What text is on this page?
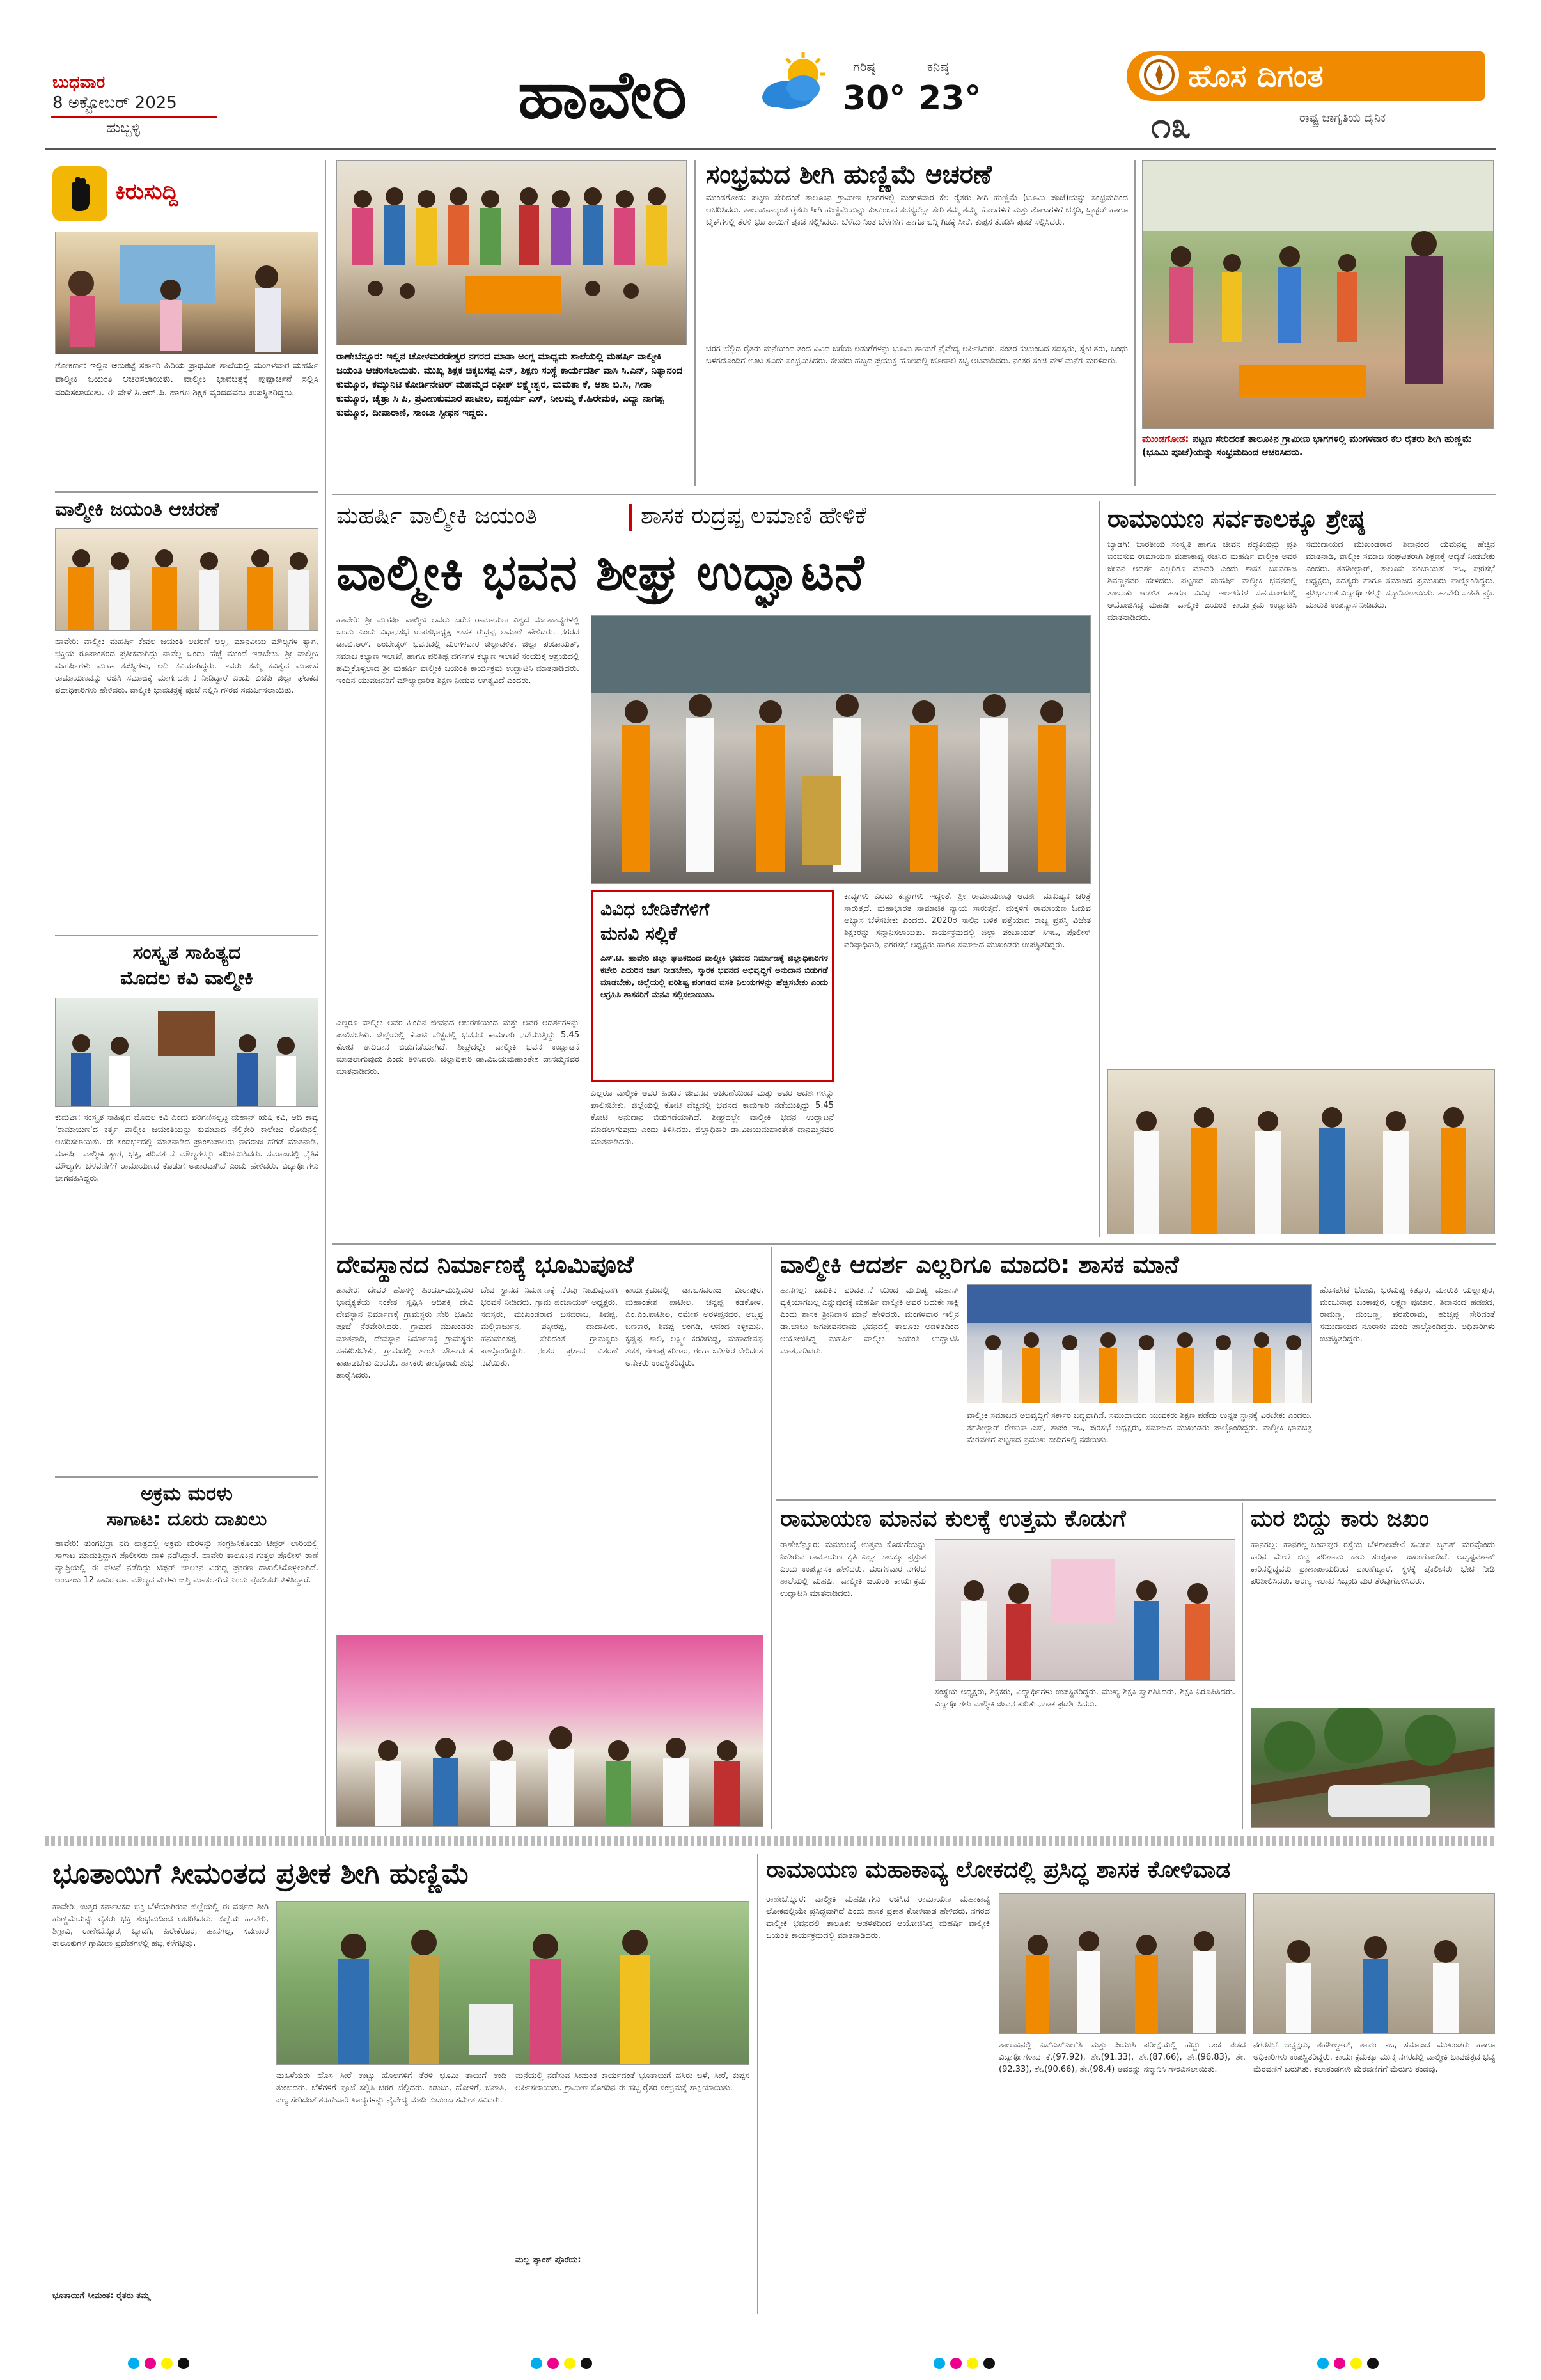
ಬುಧವಾರ
8 ಅಕ್ಟೋಬರ್ 2025
ಹುಬ್ಬಳ್ಳಿ	ಹಾವೇರಿ	ಗರಿಷ್ಠ
30°
ಕನಿಷ್ಠ
23°
ಹೊಸ ದಿಗಂತ
೧೩	ರಾಷ್ಟ್ರ ಜಾಗೃತಿಯ ದೈನಿಕ
ಕಿರುಸುದ್ದಿ
ಗೋಕರ್ಣ: ಇಲ್ಲಿನ ಆರುಕಟ್ಟೆ ಸರ್ಕಾರಿ ಹಿರಿಯ ಪ್ರಾಥಮಿಕ ಶಾಲೆಯಲ್ಲಿ ಮಂಗಳವಾರ ಮಹರ್ಷಿ ವಾಲ್ಮೀಕಿ ಜಯಂತಿ ಆಚರಿಸಲಾಯಿತು. ವಾಲ್ಮೀಕಿ ಭಾವಚಿತ್ರಕ್ಕೆ ಪುಷ್ಪಾರ್ಚನೆ ಸಲ್ಲಿಸಿ ವಂದಿಸಲಾಯಿತು. ಈ ವೇಳೆ ಸಿ.ಆರ್.ಪಿ. ಹಾಗೂ ಶಿಕ್ಷಕ ವೃಂದದವರು ಉಪಸ್ಥಿತರಿದ್ದರು.
ವಾಲ್ಮೀಕಿ ಜಯಂತಿ ಆಚರಣೆ
ಹಾವೇರಿ: ವಾಲ್ಮೀಕಿ ಮಹರ್ಷಿ ಕೇವಲ ಜಯಂತಿ ಆಚರಣೆ ಅಲ್ಲ, ಮಾನವೀಯ ಮೌಲ್ಯಗಳ ತ್ಯಾಗ, ಭಕ್ತಿಯ ರೂಪಾಂತರದ ಪ್ರತೀಕವಾಗಿದ್ದು ನಾವೆಲ್ಲ ಒಂದು ಹೆಜ್ಜೆ ಮುಂದೆ ಇಡಬೇಕು. ಶ್ರೀ ವಾಲ್ಮೀಕಿ ಮಹರ್ಷಿಗಳು ಮಹಾ ತಪಸ್ವಿಗಳು, ಅದಿ ಕವಿಯಾಗಿದ್ದರು. ಇವರು ತಮ್ಮ ಕವಿತ್ವದ ಮೂಲಕ ರಾಮಾಯಣವನ್ನು ರಚಿಸಿ ಸಮಾಜಕ್ಕೆ ಮಾರ್ಗದರ್ಶನ ನೀಡಿದ್ದಾರೆ ಎಂದು ಬಿಜೆಪಿ ಜಿಲ್ಲಾ ಘಟಕದ ಪದಾಧಿಕಾರಿಗಳು ಹೇಳಿದರು. ವಾಲ್ಮೀಕಿ ಭಾವಚಿತ್ರಕ್ಕೆ ಪೂಜೆ ಸಲ್ಲಿಸಿ ಗೌರವ ಸಮರ್ಪಿಸಲಾಯಿತು.
ಸಂಸ್ಕೃತ ಸಾಹಿತ್ಯದ
ಮೊದಲ ಕವಿ ವಾಲ್ಮೀಕಿ
ಕುಮಟಾ: ಸಂಸ್ಕೃತ ಸಾಹಿತ್ಯದ ಮೊದಲ ಕವಿ ಎಂದು ಪರಿಗಣಿಸಲ್ಪಟ್ಟ ಮಹಾನ್ ಋಷಿ ಕವಿ, ಆದಿ ಕಾವ್ಯ 'ರಾಮಾಯಣ'ದ ಕರ್ತೃ ವಾಲ್ಮೀಕಿ ಜಯಂತಿಯನ್ನು ಕುಮಟಾದ ನೆಲ್ಲಿಕೇರಿ ಕಾಲೇಜು ರೋಡಿನಲ್ಲಿ ಆಚರಿಸಲಾಯಿತು. ಈ ಸಂದರ್ಭದಲ್ಲಿ ಮಾತನಾಡಿದ ಪ್ರಾಂಶುಪಾಲರು ನಾಗರಾಜ ಹೆಗಡೆ ಮಾತನಾಡಿ, ಮಹರ್ಷಿ ವಾಲ್ಮೀಕಿ ತ್ಯಾಗ, ಭಕ್ತಿ, ಪರಿವರ್ತನೆ ಮೌಲ್ಯಗಳನ್ನು ಪರಿಚಯಿಸಿದರು. ಸಮಾಜದಲ್ಲಿ ನೈತಿಕ ಮೌಲ್ಯಗಳ ಬೆಳವಣಿಗೆಗೆ ರಾಮಾಯಣದ ಕೊಡುಗೆ ಅಪಾರವಾಗಿದೆ ಎಂದು ಹೇಳಿದರು. ವಿದ್ಯಾರ್ಥಿಗಳು ಭಾಗವಹಿಸಿದ್ದರು.
ಅಕ್ರಮ ಮರಳು
ಸಾಗಾಟ: ದೂರು ದಾಖಲು
ಹಾವೇರಿ: ತುಂಗಭದ್ರಾ ನದಿ ಪಾತ್ರದಲ್ಲಿ ಅಕ್ರಮ ಮರಳನ್ನು ಸಂಗ್ರಹಿಸಿಕೊಂಡು ಟಿಪ್ಪರ್ ಲಾರಿಯಲ್ಲಿ ಸಾಗಾಟ ಮಾಡುತ್ತಿದ್ದಾಗ ಪೊಲೀಸರು ದಾಳಿ ನಡೆಸಿದ್ದಾರೆ. ಹಾವೇರಿ ತಾಲೂಕಿನ ಗುತ್ತಲ ಪೊಲೀಸ್ ಠಾಣೆ ವ್ಯಾಪ್ತಿಯಲ್ಲಿ ಈ ಘಟನೆ ನಡೆದಿದ್ದು ಟಿಪ್ಪರ್ ಚಾಲಕನ ವಿರುದ್ಧ ಪ್ರಕರಣ ದಾಖಲಿಸಿಕೊಳ್ಳಲಾಗಿದೆ. ಅಂದಾಜು 12 ಸಾವಿರ ರೂ. ಮೌಲ್ಯದ ಮರಳು ಜಪ್ತಿ ಮಾಡಲಾಗಿದೆ ಎಂದು ಪೊಲೀಸರು ತಿಳಿಸಿದ್ದಾರೆ.
ರಾಣೇಬೆನ್ನೂರ: ಇಲ್ಲಿನ ಚೋಳಮರಡೇಶ್ವರ ನಗರದ ಮಾತಾ ಅಂಗ್ಲ ಮಾಧ್ಯಮ ಶಾಲೆಯಲ್ಲಿ ಮಹರ್ಷಿ ವಾಲ್ಮೀಕಿ ಜಯಂತಿ ಆಚರಿಸಲಾಯಿತು. ಮುಖ್ಯ ಶಿಕ್ಷಕ ಚಿಕ್ಕಬಸಪ್ಪ ಎನ್, ಶಿಕ್ಷಣ ಸಂಸ್ಥೆ ಕಾರ್ಯದರ್ಶಿ ವಾಸಿ ಸಿ.ಎನ್, ನಿತ್ಯಾನಂದ ಕುಮ್ಮೂರ, ಕಮ್ಯುನಿಟಿ ಕೋರ್ಡಿನೇಟರ್ ಮಹಮ್ಮದ ರಫೀಕ್ ಲಕ್ಷ್ಮೇಶ್ವರ, ಮಮತಾ ಕೆ, ಆಶಾ ಬಿ.ಸಿ, ಗೀತಾ ಕುಮ್ಮೂರ, ಚೈತ್ರಾ ಸಿ ಪಿ, ಪ್ರವೀಣಕುಮಾರ ಪಾಟೀಲ, ಐಶ್ವರ್ಯ ಎಸ್, ನೀಲಮ್ಮ ಕೆ.ಹಿರೇಮಠ, ವಿದ್ಯಾ ನಾಗಪ್ಪ ಕುಮ್ಮೂರ, ದೀಪಾರಾಣಿ, ಸಾಂಬಾ ಸ್ಟೀಫನ ಇದ್ದರು.
ಸಂಭ್ರಮದ ಶೀಗಿ ಹುಣ್ಣಿಮೆ ಆಚರಣೆ
ಮುಂಡಗೋಡ: ಪಟ್ಟಣ ಸೇರಿದಂತೆ ತಾಲೂಕಿನ ಗ್ರಾಮೀಣ ಭಾಗಗಳಲ್ಲಿ ಮಂಗಳವಾರ ಕೆಲ ರೈತರು ಶೀಗಿ ಹುಣ್ಣಿಮೆ (ಭೂಮಿ ಪೂಜೆ)ಯನ್ನು ಸಂಭ್ರಮದಿಂದ ಆಚರಿಸಿದರು. ತಾಲೂಕಿನಾದ್ಯಂತ ರೈತರು ಶೀಗಿ ಹುಣ್ಣಿಮೆಯನ್ನು ಕುಟುಂಬದ ಸದಸ್ಯರೆಲ್ಲಾ ಸೇರಿ ತಮ್ಮ ತಮ್ಮ ಹೊಲಗಳಿಗೆ ಮತ್ತು ತೋಟಗಳಿಗೆ ಚಕ್ಕಡಿ, ಟ್ರ್ಯಾಕ್ಟರ್ ಹಾಗೂ ಬೈಕ್‌ಗಳಲ್ಲಿ ತೆರಳಿ ಭೂ ತಾಯಿಗೆ ಪೂಜೆ ಸಲ್ಲಿಸಿದರು. ಬೆಳೆದು ನಿಂತ ಬೆಳೆಗಳಿಗೆ ಹಾಗೂ ಬನ್ನಿ ಗಿಡಕ್ಕೆ ಸೀರೆ, ಕುಪ್ಪಸ ತೊಡಿಸಿ ಪೂಜೆ ಸಲ್ಲಿಸಿದರು.
ಚರಗ ಚೆಲ್ಲಿದ ರೈತರು ಮನೆಯಿಂದ ತಂದ ವಿವಿಧ ಬಗೆಯ ಅಡುಗೆಗಳನ್ನು ಭೂಮಿ ತಾಯಿಗೆ ನೈವೇದ್ಯ ಅರ್ಪಿಸಿದರು. ನಂತರ ಕುಟುಂಬದ ಸದಸ್ಯರು, ಸ್ನೇಹಿತರು, ಬಂಧು ಬಳಗದೊಂದಿಗೆ ಊಟ ಸವಿದು ಸಂಭ್ರಮಿಸಿದರು. ಕೆಲವರು ಹಬ್ಬದ ಪ್ರಯುಕ್ತ ಹೊಲದಲ್ಲಿ ಜೋಕಾಲಿ ಕಟ್ಟಿ ಆಟವಾಡಿದರು. ನಂತರ ಸಂಜೆ ವೇಳೆ ಮನೆಗೆ ಮರಳಿದರು.
ಮುಂಡಗೋಡ: ಪಟ್ಟಣ ಸೇರಿದಂತೆ ತಾಲೂಕಿನ ಗ್ರಾಮೀಣ ಭಾಗಗಳಲ್ಲಿ ಮಂಗಳವಾರ ಕೆಲ ರೈತರು ಶೀಗಿ ಹುಣ್ಣಿಮೆ (ಭೂಮಿ ಪೂಜೆ)ಯನ್ನು ಸಂಭ್ರಮದಿಂದ ಆಚರಿಸಿದರು.
ಮಹರ್ಷಿ ವಾಲ್ಮೀಕಿ ಜಯಂತಿ	ಶಾಸಕ ರುದ್ರಪ್ಪ ಲಮಾಣಿ ಹೇಳಿಕೆ
ವಾಲ್ಮೀಕಿ ಭವನ ಶೀಘ್ರ ಉದ್ಘಾಟನೆ
ಹಾವೇರಿ: ಶ್ರೀ ಮಹರ್ಷಿ ವಾಲ್ಮೀಕಿ ಅವರು ಬರೆದ ರಾಮಾಯಣ ವಿಶ್ವದ ಮಹಾಕಾವ್ಯಗಳಲ್ಲಿ ಒಂದು ಎಂದು ವಿಧಾನಸಭೆ ಉಪಸಭಾಧ್ಯಕ್ಷ ಶಾಸಕ ರುದ್ರಪ್ಪ ಲಮಾಣಿ ಹೇಳಿದರು. ನಗರದ ಡಾ.ಬಿ.ಆರ್. ಅಂಬೇಡ್ಕರ್ ಭವನದಲ್ಲಿ ಮಂಗಳವಾರ ಜಿಲ್ಲಾಡಳಿತ, ಜಿಲ್ಲಾ ಪಂಚಾಯತ್, ಸಮಾಜ ಕಲ್ಯಾಣ ಇಲಾಖೆ, ಹಾಗೂ ಪರಿಶಿಷ್ಟ ವರ್ಗಗಳ ಕಲ್ಯಾಣ ಇಲಾಖೆ ಸಂಯುಕ್ತ ಆಶ್ರಯದಲ್ಲಿ ಹಮ್ಮಿಕೊಳ್ಳಲಾದ ಶ್ರೀ ಮಹರ್ಷಿ ವಾಲ್ಮೀಕಿ ಜಯಂತಿ ಕಾರ್ಯಕ್ರಮ ಉದ್ಘಾಟಿಸಿ ಮಾತನಾಡಿದರು. ಇಂದಿನ ಯುವಜನರಿಗೆ ಮೌಲ್ಯಾಧಾರಿತ ಶಿಕ್ಷಣ ನೀಡುವ ಅಗತ್ಯವಿದೆ ಎಂದರು.
ವಿವಿಧ ಬೇಡಿಕೆಗಳಿಗೆ
ಮನವಿ ಸಲ್ಲಿಕೆ
ಎಸ್.ಟಿ. ಹಾವೇರಿ ಜಿಲ್ಲಾ ಘಟಕದಿಂದ ವಾಲ್ಮೀಕಿ ಭವನದ ನಿರ್ಮಾಣಕ್ಕೆ ಜಿಲ್ಲಾಧಿಕಾರಿಗಳ ಕಚೇರಿ ಎದುರಿನ ಜಾಗ ನೀಡಬೇಕು, ಸ್ಮಾರಕ ಭವನದ ಅಭಿವೃದ್ಧಿಗೆ ಅನುದಾನ ಬಿಡುಗಡೆ ಮಾಡಬೇಕು, ಜಿಲ್ಲೆಯಲ್ಲಿ ಪರಿಶಿಷ್ಟ ಪಂಗಡದ ವಸತಿ ನಿಲಯಗಳನ್ನು ಹೆಚ್ಚಿಸಬೇಕು ಎಂದು ಆಗ್ರಹಿಸಿ ಶಾಸಕರಿಗೆ ಮನವಿ ಸಲ್ಲಿಸಲಾಯಿತು.
ಎಲ್ಲರೂ ವಾಲ್ಮೀಕಿ ಅವರ ಹಿಂದಿನ ಜೀವನದ ಆಚರಣೆಯಿಂದ ಮತ್ತು ಅವರ ಆದರ್ಶಗಳನ್ನು ಪಾಲಿಸಬೇಕು. ಜಿಲ್ಲೆಯಲ್ಲಿ ಕೋಟಿ ವೆಚ್ಚದಲ್ಲಿ ಭವನದ ಕಾಮಗಾರಿ ನಡೆಯುತ್ತಿದ್ದು 5.45 ಕೋಟಿ ಅನುದಾನ ಬಿಡುಗಡೆಯಾಗಿದೆ. ಶೀಘ್ರದಲ್ಲೇ ವಾಲ್ಮೀಕಿ ಭವನ ಉದ್ಘಾಟನೆ ಮಾಡಲಾಗುವುದು ಎಂದು ತಿಳಿಸಿದರು. ಜಿಲ್ಲಾಧಿಕಾರಿ ಡಾ.ವಿಜಯಮಹಾಂತೇಶ ದಾನಮ್ಮನವರ ಮಾತನಾಡಿದರು.
ಕಾವ್ಯಗಳು ಎರಡು ಕಣ್ಣುಗಳು ಇದ್ದಂತೆ. ಶ್ರೀ ರಾಮಾಯಣವು ಆದರ್ಶ ಮನುಷ್ಯನ ಚರಿತ್ರೆ ಸಾರುತ್ತದೆ. ಮಹಾಭಾರತ ಸಾಮಾಜಿಕ ನ್ಯಾಯ ಸಾರುತ್ತದೆ. ಮಕ್ಕಳಿಗೆ ರಾಮಾಯಣ ಓದುವ ಅಭ್ಯಾಸ ಬೆಳೆಸಬೇಕು ಎಂದರು. 2020ರ ಸಾಲಿನ ಬಳಿಕ ಪತ್ತೆಯಾದ ರಾಜ್ಯ ಪ್ರಶಸ್ತಿ ವಿಜೇತ ಶಿಕ್ಷಕರನ್ನು ಸನ್ಮಾನಿಸಲಾಯಿತು. ಕಾರ್ಯಕ್ರಮದಲ್ಲಿ ಜಿಲ್ಲಾ ಪಂಚಾಯತ್ ಸಿಇಒ, ಪೊಲೀಸ್ ವರಿಷ್ಠಾಧಿಕಾರಿ, ನಗರಸಭೆ ಅಧ್ಯಕ್ಷರು ಹಾಗೂ ಸಮಾಜದ ಮುಖಂಡರು ಉಪಸ್ಥಿತರಿದ್ದರು.
ಎಲ್ಲರೂ ವಾಲ್ಮೀಕಿ ಅವರ ಹಿಂದಿನ ಜೀವನದ ಆಚರಣೆಯಿಂದ ಮತ್ತು ಅವರ ಆದರ್ಶಗಳನ್ನು ಪಾಲಿಸಬೇಕು. ಜಿಲ್ಲೆಯಲ್ಲಿ ಕೋಟಿ ವೆಚ್ಚದಲ್ಲಿ ಭವನದ ಕಾಮಗಾರಿ ನಡೆಯುತ್ತಿದ್ದು 5.45 ಕೋಟಿ ಅನುದಾನ ಬಿಡುಗಡೆಯಾಗಿದೆ. ಶೀಘ್ರದಲ್ಲೇ ವಾಲ್ಮೀಕಿ ಭವನ ಉದ್ಘಾಟನೆ ಮಾಡಲಾಗುವುದು ಎಂದು ತಿಳಿಸಿದರು. ಜಿಲ್ಲಾಧಿಕಾರಿ ಡಾ.ವಿಜಯಮಹಾಂತೇಶ ದಾನಮ್ಮನವರ ಮಾತನಾಡಿದರು.
ರಾಮಾಯಣ ಸರ್ವಕಾಲಕ್ಕೂ ಶ್ರೇಷ್ಠ
ಬ್ಯಾಡಗಿ: ಭಾರತೀಯ ಸಂಸ್ಕೃತಿ ಹಾಗೂ ಜೀವನ ಪದ್ಧತಿಯನ್ನು ಪ್ರತಿ ಬಿಂಬಿಸುವ ರಾಮಾಯಣ ಮಹಾಕಾವ್ಯ ರಚಿಸಿದ ಮಹರ್ಷಿ ವಾಲ್ಮೀಕಿ ಅವರ ಜೀವನ ಆದರ್ಶ ಎಲ್ಲರಿಗೂ ಮಾದರಿ ಎಂದು ಶಾಸಕ ಬಸವರಾಜ ಶಿವಣ್ಣನವರ ಹೇಳಿದರು. ಪಟ್ಟಣದ ಮಹರ್ಷಿ ವಾಲ್ಮೀಕಿ ಭವನದಲ್ಲಿ ತಾಲೂಕು ಆಡಳಿತ ಹಾಗೂ ವಿವಿಧ ಇಲಾಖೆಗಳ ಸಹಯೋಗದಲ್ಲಿ ಆಯೋಜಿಸಿದ್ದ ಮಹರ್ಷಿ ವಾಲ್ಮೀಕಿ ಜಯಂತಿ ಕಾರ್ಯಕ್ರಮ ಉದ್ಘಾಟಿಸಿ ಮಾತನಾಡಿದರು.
ಸಮುದಾಯದ ಮುಖಂಡರಾದ ಶಿವಾನಂದ ಯಮನಪ್ಪ ಹೆಚ್ಚಿನ ಮಾತನಾಡಿ, ವಾಲ್ಮೀಕಿ ಸಮಾಜ ಸಂಘಟಿತರಾಗಿ ಶಿಕ್ಷಣಕ್ಕೆ ಆದ್ಯತೆ ನೀಡಬೇಕು ಎಂದರು. ತಹಶೀಲ್ದಾರ್, ತಾಲೂಕು ಪಂಚಾಯತ್ ಇಒ, ಪುರಸಭೆ ಅಧ್ಯಕ್ಷರು, ಸದಸ್ಯರು ಹಾಗೂ ಸಮಾಜದ ಪ್ರಮುಖರು ಪಾಲ್ಗೊಂಡಿದ್ದರು. ಪ್ರತಿಭಾವಂತ ವಿದ್ಯಾರ್ಥಿಗಳನ್ನು ಸನ್ಮಾನಿಸಲಾಯಿತು. ಹಾವೇರಿ ಸಾಹಿತಿ ಪ್ರೊ. ಮಾರುತಿ ಉಪನ್ಯಾಸ ನೀಡಿದರು.
ದೇವಸ್ಥಾನದ ನಿರ್ಮಾಣಕ್ಕೆ ಭೂಮಿಪೂಜೆ
ಹಾವೇರಿ: ದೇವರ ಹೊಸಳ್ಳಿ ಹಿಂದೂ-ಮುಸ್ಲಿಮರ ಭಾವೈಕ್ಯತೆಯ ಸಂಕೇತ ಸೃಷ್ಟಿಸಿ ಆದಿಶಕ್ತಿ ದೇವಿ ದೇವಸ್ಥಾನ ನಿರ್ಮಾಣಕ್ಕೆ ಗ್ರಾಮಸ್ಥರು ಸೇರಿ ಭೂಮಿ ಪೂಜೆ ನೆರವೇರಿಸಿದರು. ಗ್ರಾಮದ ಮುಖಂಡರು ಮಾತನಾಡಿ, ದೇವಸ್ಥಾನ ನಿರ್ಮಾಣಕ್ಕೆ ಗ್ರಾಮಸ್ಥರು ಸಹಕರಿಸಬೇಕು, ಗ್ರಾಮದಲ್ಲಿ ಶಾಂತಿ ಸೌಹಾರ್ದತೆ ಕಾಪಾಡಬೇಕು ಎಂದರು. ಶಾಸಕರು ಪಾಲ್ಗೊಂಡು ಶುಭ ಹಾರೈಸಿದರು.
ದೇವ ಸ್ಥಾನದ ನಿರ್ಮಾಣಕ್ಕೆ ನೆರವು ನೀಡುವುದಾಗಿ ಭರವಸೆ ನೀಡಿದರು. ಗ್ರಾಮ ಪಂಚಾಯತ್ ಅಧ್ಯಕ್ಷರು, ಸದಸ್ಯರು, ಮುಖಂಡರಾದ ಬಸವರಾಜ, ಶಿವಪ್ಪ, ಮಲ್ಲಿಕಾರ್ಜುನ, ಫಕ್ಕೀರಪ್ಪ, ದಾದಾಪೀರ, ಹನುಮಂತಪ್ಪ ಸೇರಿದಂತೆ ಗ್ರಾಮಸ್ಥರು ಪಾಲ್ಗೊಂಡಿದ್ದರು. ನಂತರ ಪ್ರಸಾದ ವಿತರಣೆ ನಡೆಯಿತು.
ಕಾರ್ಯಕ್ರಮದಲ್ಲಿ ಡಾ.ಬಸವರಾಜ ವೀರಾಪುರ, ಮಹಾಂತೇಶ ಪಾಟೀಲ, ಚನ್ನಪ್ಪ ಕಡಕೋಳ, ಎಂ.ಎಂ.ಪಾಟೀಲ, ರಮೇಶ ಅರಳಪ್ಪನವರ, ಅಜ್ಜಪ್ಪ ಬಣಕಾರ, ಶಿವಪ್ಪ ಅಂಗಡಿ, ಆನಂದ ಕಳ್ಳೀಮನಿ, ಕೃಷ್ಣಪ್ಪ ಸಾಲಿ, ಲಕ್ಷ್ಮೀ ಕರಡಿಗುಡ್ಡ, ಮಹಾದೇವಪ್ಪ ತಡಸ, ಶೇಖಪ್ಪ ಕರಿಗಾರ, ಗಂಗಾ ಬಡಿಗೇರ ಸೇರಿದಂತೆ ಅನೇಕರು ಉಪಸ್ಥಿತರಿದ್ದರು.
ವಾಲ್ಮೀಕಿ ಆದರ್ಶ ಎಲ್ಲರಿಗೂ ಮಾದರಿ: ಶಾಸಕ ಮಾನೆ
ಹಾನಗಲ್ಲ: ಬದುಕಿನ ಪರಿವರ್ತನೆ ಯಿಂದ ಮನುಷ್ಯ ಮಹಾನ್ ವ್ಯಕ್ತಿಯಾಗಬಲ್ಲ ಎನ್ನುವುದಕ್ಕೆ ಮಹರ್ಷಿ ವಾಲ್ಮೀಕಿ ಅವರ ಬದುಕೇ ಸಾಕ್ಷಿ ಎಂದು ಶಾಸಕ ಶ್ರೀನಿವಾಸ ಮಾನೆ ಹೇಳಿದರು. ಮಂಗಳವಾರ ಇಲ್ಲಿನ ಡಾ.ಬಾಬು ಜಗಜೀವನರಾಮ ಭವನದಲ್ಲಿ ತಾಲೂಕು ಆಡಳಿತದಿಂದ ಆಯೋಜಿಸಿದ್ದ ಮಹರ್ಷಿ ವಾಲ್ಮೀಕಿ ಜಯಂತಿ ಉದ್ಘಾಟಿಸಿ ಮಾತನಾಡಿದರು.
ವಾಲ್ಮೀಕಿ ಸಮಾಜದ ಅಭಿವೃದ್ಧಿಗೆ ಸರ್ಕಾರ ಬದ್ಧವಾಗಿದೆ. ಸಮುದಾಯದ ಯುವಕರು ಶಿಕ್ಷಣ ಪಡೆದು ಉನ್ನತ ಸ್ಥಾನಕ್ಕೆ ಏರಬೇಕು ಎಂದರು. ತಹಶೀಲ್ದಾರ್ ರೇಣುಕಾ ಎಸ್, ತಾಪಂ ಇಒ, ಪುರಸಭೆ ಅಧ್ಯಕ್ಷರು, ಸಮಾಜದ ಮುಖಂಡರು ಪಾಲ್ಗೊಂಡಿದ್ದರು. ವಾಲ್ಮೀಕಿ ಭಾವಚಿತ್ರ ಮೆರವಣಿಗೆ ಪಟ್ಟಣದ ಪ್ರಮುಖ ಬೀದಿಗಳಲ್ಲಿ ನಡೆಯಿತು.
ಹೊಸಪೇಟೆ ಭೋವಿ, ಭರಮಪ್ಪ ಕಿತ್ತೂರ, ಮಾರುತಿ ಯಲ್ಲಾಪುರ, ಮಂಜುನಾಥ ಬಂಕಾಪುರ, ಲಕ್ಷ್ಮಣ ಪೂಜಾರ, ಶಿವಾನಂದ ಹಡಪದ, ರಾಮಣ್ಣ, ಮಂಜಣ್ಣ, ಪರಶುರಾಮ, ಹುಚ್ಚಪ್ಪ ಸೇರಿದಂತೆ ಸಮುದಾಯದ ನೂರಾರು ಮಂದಿ ಪಾಲ್ಗೊಂಡಿದ್ದರು. ಅಧಿಕಾರಿಗಳು ಉಪಸ್ಥಿತರಿದ್ದರು.
ರಾಮಾಯಣ ಮಾನವ ಕುಲಕ್ಕೆ ಉತ್ತಮ ಕೊಡುಗೆ
ರಾಣೇಬೆನ್ನೂರ: ಮನುಕುಲಕ್ಕೆ ಉತ್ತಮ ಕೊಡುಗೆಯನ್ನು ನೀಡಿರುವ ರಾಮಾಯಣ ಕೃತಿ ಎಲ್ಲಾ ಕಾಲಕ್ಕೂ ಪ್ರಸ್ತುತ ಎಂದು ಉಪನ್ಯಾಸಕ ಹೇಳಿದರು. ಮಂಗಳವಾರ ನಗರದ ಶಾಲೆಯಲ್ಲಿ ಮಹರ್ಷಿ ವಾಲ್ಮೀಕಿ ಜಯಂತಿ ಕಾರ್ಯಕ್ರಮ ಉದ್ಘಾಟಿಸಿ ಮಾತನಾಡಿದರು.
ಸಂಸ್ಥೆಯ ಅಧ್ಯಕ್ಷರು, ಶಿಕ್ಷಕರು, ವಿದ್ಯಾರ್ಥಿಗಳು ಉಪಸ್ಥಿತರಿದ್ದರು. ಮುಖ್ಯ ಶಿಕ್ಷಕಿ ಸ್ವಾಗತಿಸಿದರು, ಶಿಕ್ಷಕಿ ನಿರೂಪಿಸಿದರು. ವಿದ್ಯಾರ್ಥಿಗಳು ವಾಲ್ಮೀಕಿ ಜೀವನ ಕುರಿತು ನಾಟಕ ಪ್ರದರ್ಶಿಸಿದರು.
ಮರ ಬಿದ್ದು ಕಾರು ಜಖಂ
ಹಾನಗಲ್ಲ: ಹಾನಗಲ್ಲ-ಬಂಕಾಪುರ ರಸ್ತೆಯ ಬೆಳಗಾಲಪೇಟೆ ಸಮೀಪ ಬೃಹತ್ ಮರವೊಂದು ಕಾರಿನ ಮೇಲೆ ಬಿದ್ದ ಪರಿಣಾಮ ಕಾರು ಸಂಪೂರ್ಣ ಜಖಂಗೊಂಡಿದೆ. ಅದೃಷ್ಟವಶಾತ್ ಕಾರಿನಲ್ಲಿದ್ದವರು ಪ್ರಾಣಾಪಾಯದಿಂದ ಪಾರಾಗಿದ್ದಾರೆ. ಸ್ಥಳಕ್ಕೆ ಪೊಲೀಸರು ಭೇಟಿ ನೀಡಿ ಪರಿಶೀಲಿಸಿದರು. ಅರಣ್ಯ ಇಲಾಖೆ ಸಿಬ್ಬಂದಿ ಮರ ತೆರವುಗೊಳಿಸಿದರು.
ಭೂತಾಯಿಗೆ ಸೀಮಂತದ ಪ್ರತೀಕ ಶೀಗಿ ಹುಣ್ಣಿಮೆ
ಹಾವೇರಿ: ಉತ್ತರ ಕರ್ನಾಟಕದ ಭಕ್ತಿ ಬೆಳೆಯಾಗಿರುವ ಜಿಲ್ಲೆಯಲ್ಲಿ ಈ ವರ್ಷದ ಶೀಗಿ ಹುಣ್ಣಿಮೆಯನ್ನು ರೈತರು ಭಕ್ತಿ ಸಂಭ್ರಮದಿಂದ ಆಚರಿಸಿದರು. ಜಿಲ್ಲೆಯ ಹಾವೇರಿ, ಶಿಗ್ಗಾವಿ, ರಾಣೇಬೆನ್ನೂರ, ಬ್ಯಾಡಗಿ, ಹಿರೇಕೆರೂರ, ಹಾನಗಲ್ಲ, ಸವಣೂರ ತಾಲೂಕುಗಳ ಗ್ರಾಮೀಣ ಪ್ರದೇಶಗಳಲ್ಲಿ ಹಬ್ಬ ಕಳೆಗಟ್ಟಿತ್ತು.
ಮಹಿಳೆಯರು ಹೊಸ ಸೀರೆ ಉಟ್ಟು ಹೊಲಗಳಿಗೆ ತೆರಳಿ ಭೂಮಿ ತಾಯಿಗೆ ಉಡಿ ತುಂಬಿದರು. ಬೆಳೆಗಳಿಗೆ ಪೂಜೆ ಸಲ್ಲಿಸಿ ಚರಗ ಚೆಲ್ಲಿದರು. ಕಡುಬು, ಹೋಳಿಗೆ, ಚಪಾತಿ, ಪಲ್ಯ ಸೇರಿದಂತೆ ತರಹೇವಾರಿ ಖಾದ್ಯಗಳನ್ನು ನೈವೇದ್ಯ ಮಾಡಿ ಕುಟುಂಬ ಸಮೇತ ಸವಿದರು.
ಮನೆಯಲ್ಲಿ ನಡೆಸುವ ಸೀಮಂತ ಕಾರ್ಯದಂತೆ ಭೂತಾಯಿಗೆ ಹಸಿರು ಬಳೆ, ಸೀರೆ, ಕುಪ್ಪಸ ಅರ್ಪಿಸಲಾಯಿತು. ಗ್ರಾಮೀಣ ಸೊಗಡಿನ ಈ ಹಬ್ಬ ರೈತರ ಸಂಭ್ರಮಕ್ಕೆ ಸಾಕ್ಷಿಯಾಯಿತು.
ಮಲ್ಲ ಪ್ಯಾಂಕ್ ಪೊರೆಯ:
ಭೂತಾಯಿಗೆ ಸೀಮಂತ: ರೈತರು ತಮ್ಮ
ರಾಮಾಯಣ ಮಹಾಕಾವ್ಯ ಲೋಕದಲ್ಲಿ ಪ್ರಸಿದ್ಧ ಶಾಸಕ ಕೋಳಿವಾಡ
ರಾಣೇಬೆನ್ನೂರ: ವಾಲ್ಮೀಕಿ ಮಹರ್ಷಿಗಳು ರಚಿಸಿದ ರಾಮಾಯಣ ಮಹಾಕಾವ್ಯ ಲೋಕದಲ್ಲಿಯೇ ಪ್ರಸಿದ್ಧವಾಗಿದೆ ಎಂದು ಶಾಸಕ ಪ್ರಕಾಶ ಕೋಳಿವಾಡ ಹೇಳಿದರು. ನಗರದ ವಾಲ್ಮೀಕಿ ಭವನದಲ್ಲಿ ತಾಲೂಕು ಆಡಳಿತದಿಂದ ಆಯೋಜಿಸಿದ್ದ ಮಹರ್ಷಿ ವಾಲ್ಮೀಕಿ ಜಯಂತಿ ಕಾರ್ಯಕ್ರಮದಲ್ಲಿ ಮಾತನಾಡಿದರು.
ತಾಲೂಕಿನಲ್ಲಿ ಎಸ್ಎಸ್ಎಲ್‌ಸಿ ಮತ್ತು ಪಿಯುಸಿ ಪರೀಕ್ಷೆಯಲ್ಲಿ ಹೆಚ್ಚು ಅಂಕ ಪಡೆದ ವಿದ್ಯಾರ್ಥಿಗಳಾದ ಕೆ.(97.92), ಶೇ.(91.33), ಶೇ.(87.66), ಶೇ.(96.83), ಶೇ.(92.33), ಶೇ.(90.66), ಶೇ.(98.4) ಅವರನ್ನು ಸನ್ಮಾನಿಸಿ ಗೌರವಿಸಲಾಯಿತು.
ನಗರಸಭೆ ಅಧ್ಯಕ್ಷರು, ತಹಶೀಲ್ದಾರ್, ತಾಪಂ ಇಒ, ಸಮಾಜದ ಮುಖಂಡರು ಹಾಗೂ ಅಧಿಕಾರಿಗಳು ಉಪಸ್ಥಿತರಿದ್ದರು. ಕಾರ್ಯಕ್ರಮಕ್ಕೂ ಮುನ್ನ ನಗರದಲ್ಲಿ ವಾಲ್ಮೀಕಿ ಭಾವಚಿತ್ರದ ಭವ್ಯ ಮೆರವಣಿಗೆ ಜರುಗಿತು. ಕಲಾತಂಡಗಳು ಮೆರವಣಿಗೆಗೆ ಮೆರುಗು ತಂದವು.
